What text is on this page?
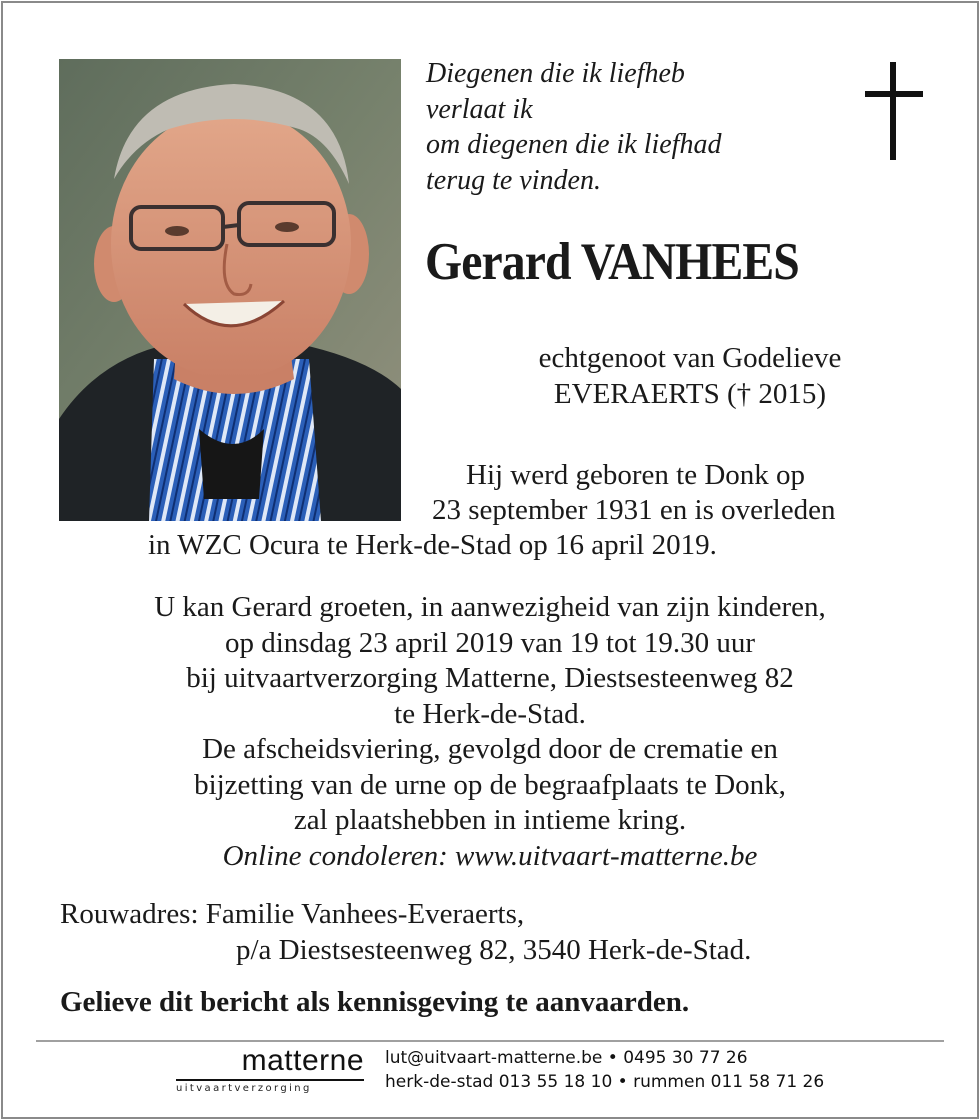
Diegenen die ik liefheb
verlaat ik
om diegenen die ik liefhad
terug te vinden.
Gerard VANHEES
echtgenoot van Godelieve
EVERAERTS († 2015)
Hij werd geboren te Donk op
23 september 1931 en is overleden
in WZC Ocura te Herk-de-Stad op 16 april 2019.
U kan Gerard groeten, in aanwezigheid van zijn kinderen,
op dinsdag 23 april 2019 van 19 tot 19.30 uur
bij uitvaartverzorging Matterne, Diestsesteenweg 82
te Herk-de-Stad.
De afscheidsviering, gevolgd door de crematie en
bijzetting van de urne op de begraafplaats te Donk,
zal plaatshebben in intieme kring.
Online condoleren: www.uitvaart-matterne.be
Rouwadres: Familie Vanhees-Everaerts,
p/a Diestsesteenweg 82, 3540 Herk-de-Stad.
Gelieve dit bericht als kennisgeving te aanvaarden.
matterne
uitvaartverzorging
lut@uitvaart-matterne.be • 0495 30 77 26
herk-de-stad 013 55 18 10 • rummen 011 58 71 26
